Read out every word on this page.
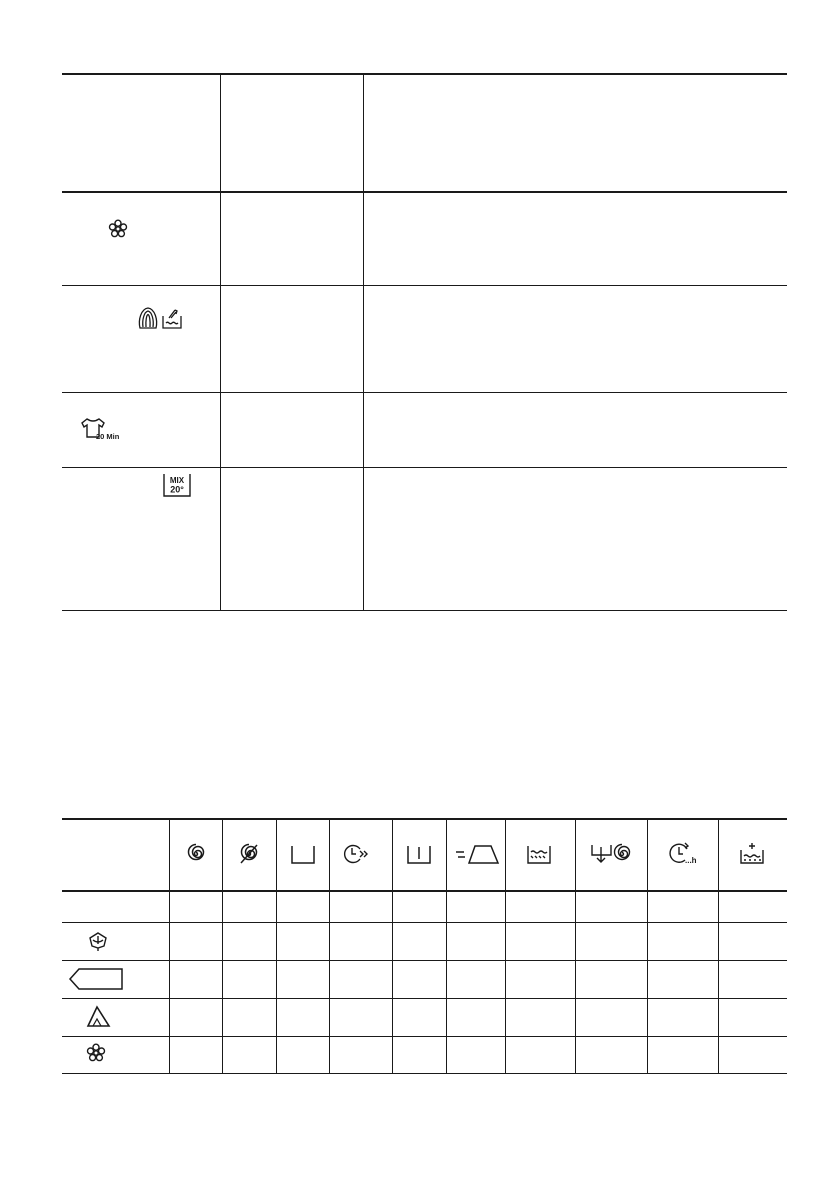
20 Min
MIX
20°
...h
